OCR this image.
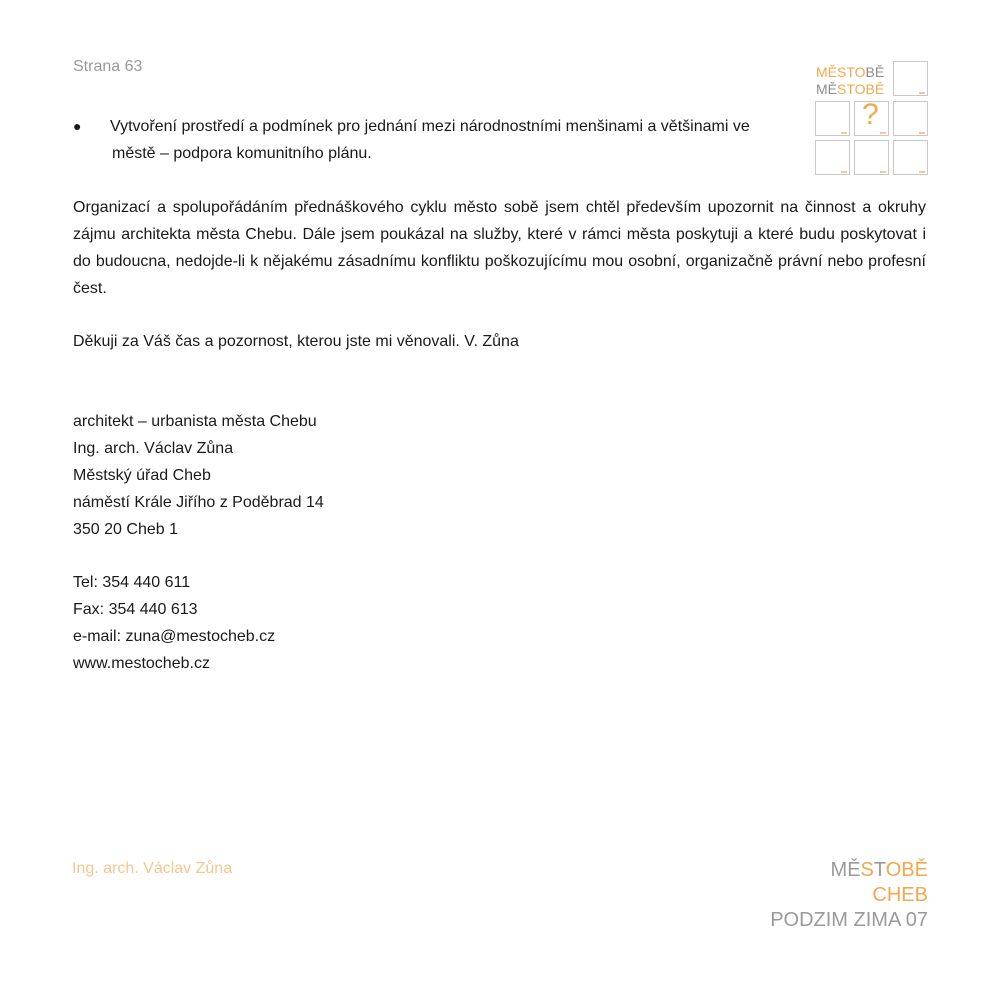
Strana 63	MĚSTOBĚ
MĚSTOBĚ
?
●	Vytvoření prostředí a podmínek pro jednání mezi národnostními menšinami a většinami ve
městě – podpora komunitního plánu.
Organizací a spolupořádáním přednáškového cyklu město sobě jsem chtěl především upozornit na činnost a okruhy zájmu architekta města Chebu. Dále jsem poukázal na služby, které v rámci města poskytuji a které budu poskytovat i do budoucna, nedojde-li k nějakému zásadnímu konfliktu poškozujícímu mou osobní, organizačně právní nebo profesní čest.
Děkuji za Váš čas a pozornost, kterou jste mi věnovali. V. Zůna
architekt – urbanista města Chebu
Ing. arch. Václav Zůna
Městský úřad Cheb
náměstí Krále Jiřího z Poděbrad 14
350 20 Cheb 1
Tel: 354 440 611
Fax: 354 440 613
e-mail: zuna@mestocheb.cz
www.mestocheb.cz
Ing. arch. Václav Zůna	MĚSTOBĚ
CHEB
PODZIM ZIMA 07
